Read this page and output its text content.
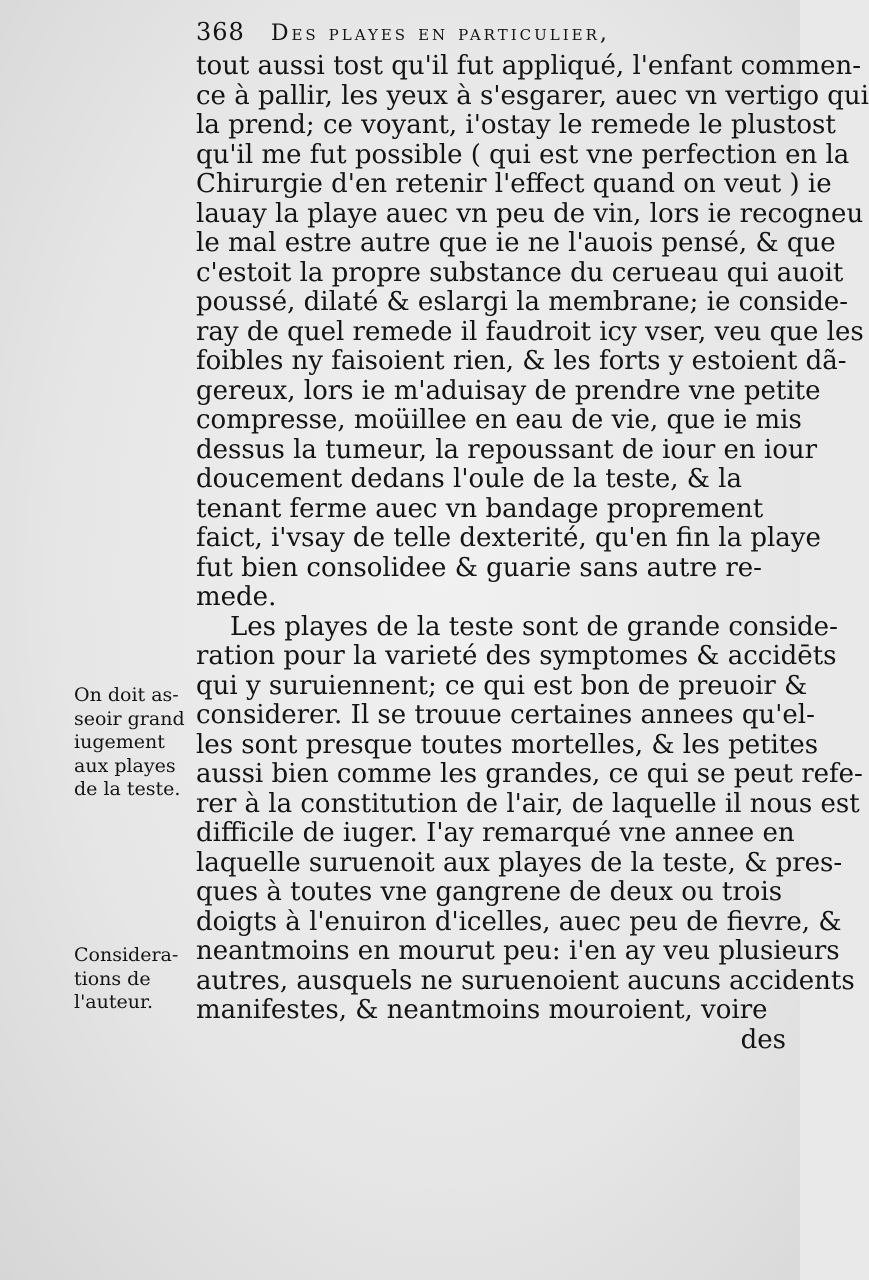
368 Des playes en particulier,
tout aussi tost qu'il fut appliqué, l'enfant commen-
ce à pallir, les yeux à s'esgarer, auec vn vertigo qui
la prend; ce voyant, i'ostay le remede le plustost
qu'il me fut possible ( qui est vne perfection en la
Chirurgie d'en retenir l'effect quand on veut ) ie
lauay la playe auec vn peu de vin, lors ie recogneu
le mal estre autre que ie ne l'auois pensé, & que
c'estoit la propre substance du cerueau qui auoit
poussé, dilaté & eslargi la membrane; ie conside-
ray de quel remede il faudroit icy vser, veu que les
foibles ny faisoient rien, & les forts y estoient dã-
gereux, lors ie m'aduisay de prendre vne petite
compresse, moüillee en eau de vie, que ie mis
dessus la tumeur, la repoussant de iour en iour
doucement dedans l'oule de la teste, & la
tenant ferme auec vn bandage proprement
faict, i'vsay de telle dexterité, qu'en fin la playe
fut bien consolidee & guarie sans autre re-
mede.
Les playes de la teste sont de grande conside-
ration pour la varieté des symptomes & accidēts
qui y suruiennent; ce qui est bon de preuoir &
considerer. Il se trouue certaines annees qu'el-
les sont presque toutes mortelles, & les petites
aussi bien comme les grandes, ce qui se peut refe-
rer à la constitution de l'air, de laquelle il nous est
difficile de iuger. I'ay remarqué vne annee en
laquelle suruenoit aux playes de la teste, & pres-
ques à toutes vne gangrene de deux ou trois
doigts à l'enuiron d'icelles, auec peu de fievre, &
neantmoins en mourut peu: i'en ay veu plusieurs
autres, ausquels ne suruenoient aucuns accidents
manifestes, & neantmoins mouroient, voire
des
On doit as-
seoir grand
iugement
aux playes
de la teste.
Considera-
tions de
l'auteur.
